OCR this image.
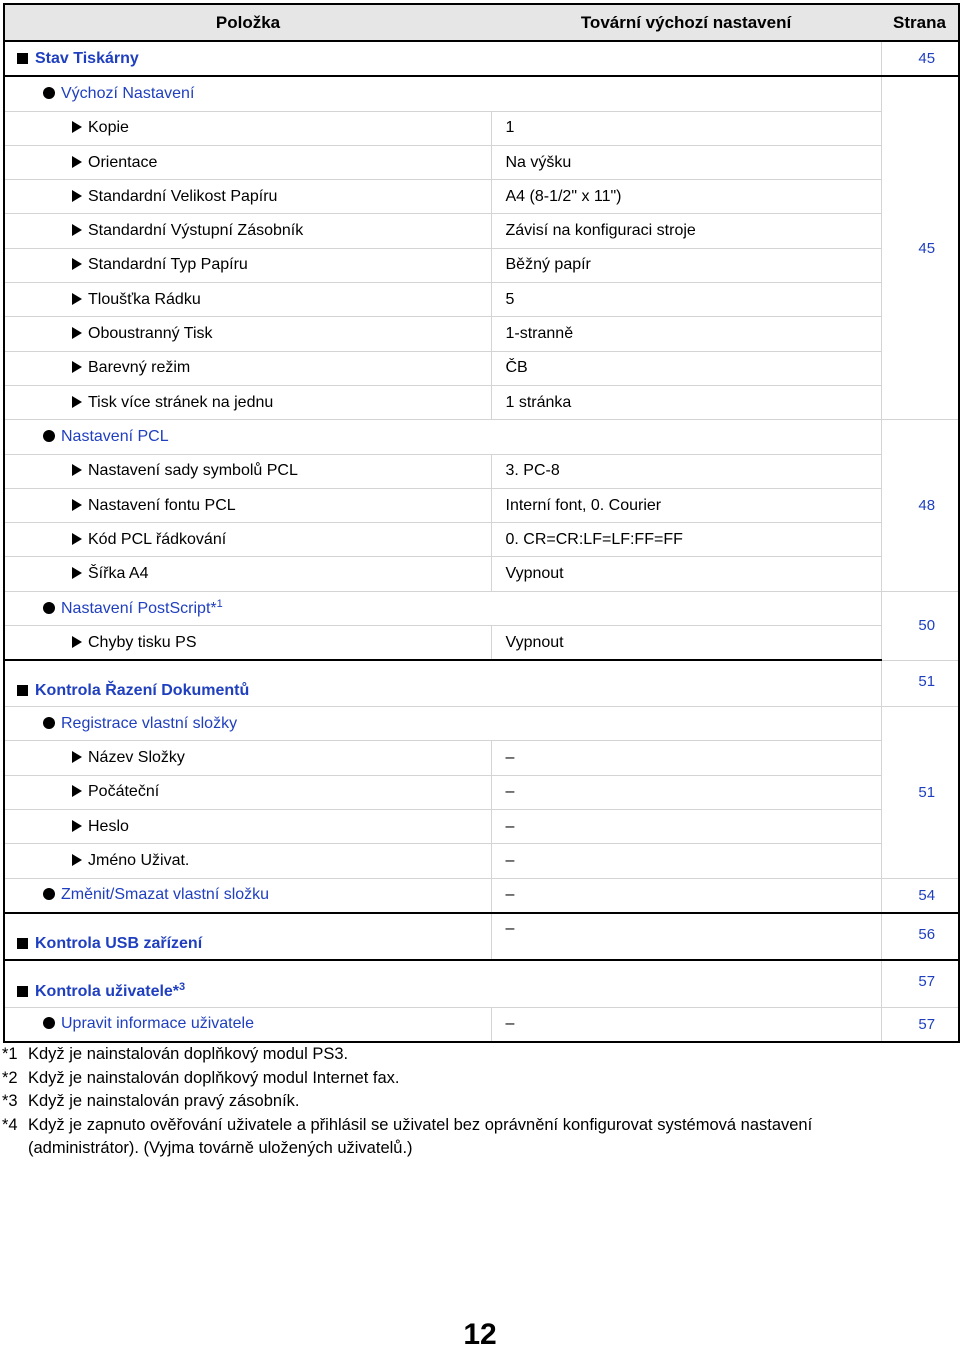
Položka	Tovární výchozí nastavení	Strana
Stav Tiskárny		45
Výchozí Nastavení		45
Kopie	1	
Orientace	Na výšku	
Standardní Velikost Papíru	A4 (8-1/2" x 11")	
Standardní Výstupní Zásobník	Závisí na konfiguraci stroje	
Standardní Typ Papíru	Běžný papír	
Tloušťka Rádku	5	
Oboustranný Tisk	1-stranně	
Barevný režim	ČB	
Tisk více stránek na jednu	1 stránka	
Nastavení PCL		48
Nastavení sady symbolů PCL	3. PC-8	
Nastavení fontu PCL	Interní font, 0. Courier	
Kód PCL řádkování	0. CR=CR:LF=LF:FF=FF	
Šířka A4	Vypnout	
Nastavení PostScript*$^1$		50
Chyby tisku PS	Vypnout	
Kontrola Řazení Dokumentů		51
Registrace vlastní složky		51
Název Složky	–	
Počáteční	–	
Heslo	–	
Jméno Uživat.	–	
Změnit/Smazat vlastní složku	–	54
Kontrola USB zařízení	–	56
Kontrola uživatele*$^3$		57
Upravit informace uživatele	–	57
*1 Když je nainstalován doplňkový modul PS3.
*2 Když je nainstalován doplňkový modul Internet fax.
*3 Když je nainstalován pravý zásobník.
*4 Když je zapnuto ověřování uživatele a přihlásil se uživatel bez oprávnění konfigurovat systémová nastavení (administrátor). (Vyjma továrně uložených uživatelů.)
12
